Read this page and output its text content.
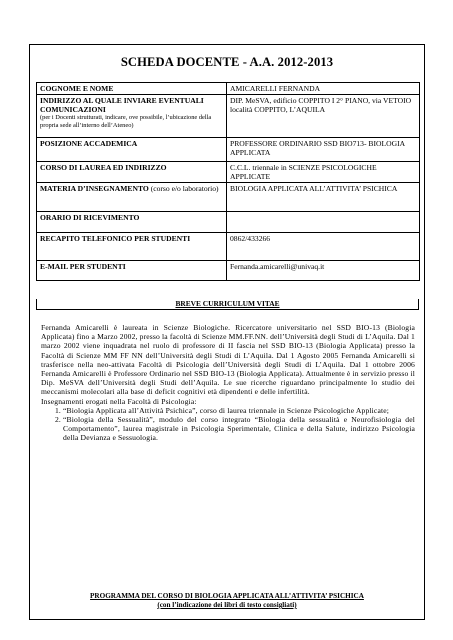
SCHEDA DOCENTE - A.A. 2012-2013
COGNOME E NOME	AMICARELLI FERNANDA
INDIRIZZO AL QUALE INVIARE EVENTUALI COMUNICAZIONI
(per i Docenti strutturati, indicare, ove possibile, l’ubicazione della propria sede all’interno dell’Ateneo)	DIP. MeSVA, edificio COPPITO I 2° PIANO, via VETOIO località COPPITO, L’AQUILA
POSIZIONE ACCADEMICA	PROFESSORE ORDINARIO SSD BIO713- BIOLOGIA APPLICATA
CORSO DI LAUREA ED INDIRIZZO	C.C.L. triennale in SCIENZE PSICOLOGICHE APPLICATE
MATERIA D’INSEGNAMENTO (corso e/o laboratorio)	BIOLOGIA APPLICATA ALL’ATTIVITA’ PSICHICA
ORARIO DI RICEVIMENTO	
RECAPITO TELEFONICO PER STUDENTI	0862/433266
E-MAIL PER STUDENTI	Fernanda.amicarelli@univaq.it
BREVE CURRICULUM VITAE

Fernanda Amicarelli è laureata in Scienze Biologiche. Ricercatore universitario nel SSD BIO-13 (Biologia Applicata) fino a Marzo 2002, presso la facoltà di Scienze MM.FF.NN. dell’Università degli Studi di L’Aquila. Dal 1 marzo 2002 viene inquadrata nel ruolo di professore di II fascia nel SSD BIO-13 (Biologia Applicata) presso la Facoltà di Scienze MM FF NN dell’Università degli Studi di L’Aquila. Dal 1 Agosto 2005 Fernanda Amicarelli si trasferisce nella neo-attivata Facoltà di Psicologia dell’Università degli Studi di L’Aquila. Dal 1 ottobre 2006 Fernanda Amicarelli è Professore Ordinario nel SSD BIO-13 (Biologia Applicata). Attualmente è in servizio presso il Dip. MeSVA dell’Università degli Studi dell’Aquila. Le sue ricerche riguardano principalmente lo studio dei meccanismi molecolari alla base di deficit cognitivi età dipendenti e delle infertilità.

Insegnamenti erogati nella Facoltà di Psicologia:

1. “Biologia Applicata all’Attività Psichica”, corso di laurea triennale in Scienze Psicologiche Applicate;
2. “Biologia della Sessualità”, modulo del corso integrato “Biologia della sessualità e Neurofisiologia del Comportamento”, laurea magistrale in Psicologia Sperimentale, Clinica e della Salute, indirizzo Psicologia della Devianza e Sessuologia.
PROGRAMMA DEL CORSO DI BIOLOGIA APPLICATA ALL’ATTIVITA’ PSICHICA
(con l’indicazione dei libri di testo consigliati)
